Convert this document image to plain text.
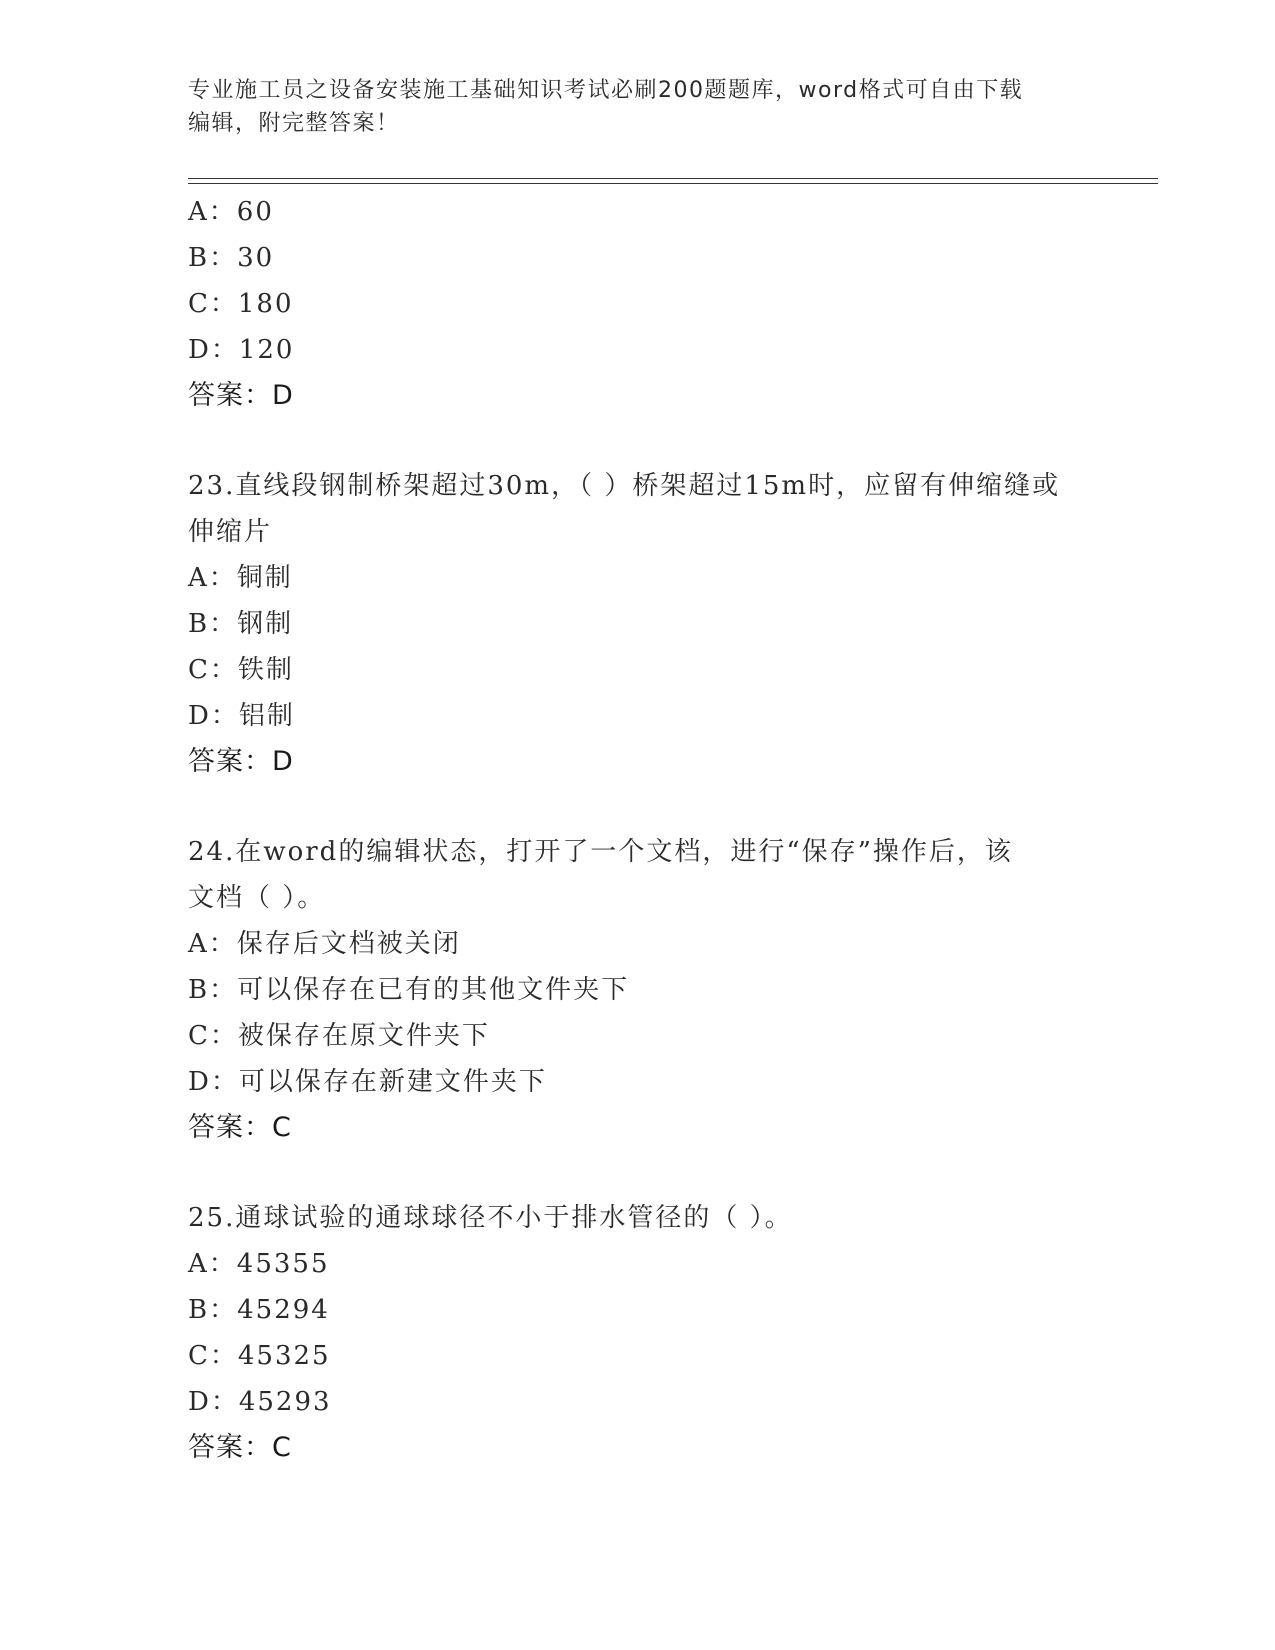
专业施工员之设备安装施工基础知识考试必刷200题题库，word格式可自由下载
编辑，附完整答案！
A：60
B：30
C：180
D：120
答案：D
23.直线段钢制桥架超过30m，（ ）桥架超过15m时，应留有伸缩缝或
伸缩片
A：铜制
B：钢制
C：铁制
D：铝制
答案：D
24.在word的编辑状态，打开了一个文档，进行“保存”操作后，该
文档（ ）。
A：保存后文档被关闭
B：可以保存在已有的其他文件夹下
C：被保存在原文件夹下
D：可以保存在新建文件夹下
答案：C
25.通球试验的通球球径不小于排水管径的（ ）。
A：45355
B：45294
C：45325
D：45293
答案：C
